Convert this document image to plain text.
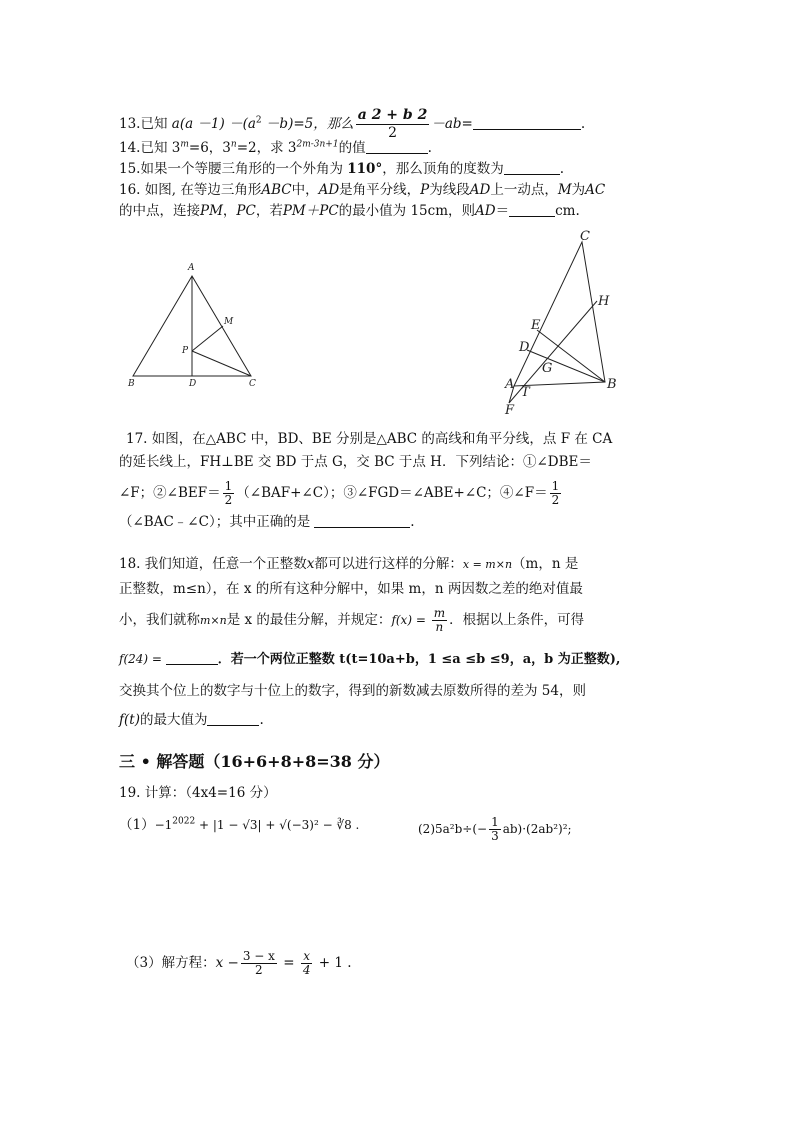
13.已知 $a(a -1) -(a^2 -b)=5$，那么 $\frac{a 2 + b 2}{2} -ab=$	.
14.已知 $3^m=6$，$3^n=2$，求 $3^{2m-3n+1}$的值	.
15.如果一个等腰三角形的一个外角为 110°，那么顶角的度数为	.
16. 如图, 在等边三角形ABC中，AD是角平分线，P为线段AD上一动点，M为AC
的中点，连接PM，PC，若PM＋PC的最小值为 15cm，则AD＝	cm.
A
B	C
D
M
P
C
H
E
D
G
A	B
T
F
17. 如图，在△ABC 中，BD、BE 分别是△ABC 的高线和角平分线，点 F 在 CA
的延长线上，FH⊥BE 交 BD 于点 G，交 BC 于点 H．下列结论：①∠DBE＝
∠F；②∠BEF＝ $\frac{1}{2}$ （∠BAF+∠C）；③∠FGD＝∠ABE+∠C；④∠F＝ $\frac{1}{2}$
（∠BAC﹣∠C）；其中正确的是	.
18. 我们知道，任意一个正整数x都可以进行这样的分解：x = m×n（m，n 是
正整数，m≤n），在 x 的所有这种分解中，如果 m，n 两因数之差的绝对值最
小，我们就称m×n是 x 的最佳分解，并规定：$f(x) = \frac{m}{n}$ ．根据以上条件，可得
f(24) =	．若一个两位正整数 t(t=10a+b，1 ≤a ≤b ≤9，a，b 为正整数),
交换其个位上的数字与十位上的数字，得到的新数减去原数所得的差为 54，则
f(t)的最大值为	.
三 • 解答题（16+6+8+8=38 分）
19. 计算：（4x4=16 分）
$(1)-1^{2022} + |1 - √3| + √(-3)^2$ − ∛8 .	$(2)5a^2b\div(- \frac{1}{3} ab)\cdot(2ab^2)^2$;
（3）解方程：$x - \frac{3 - x}{2} = \frac{x}{4} + 1$ .
